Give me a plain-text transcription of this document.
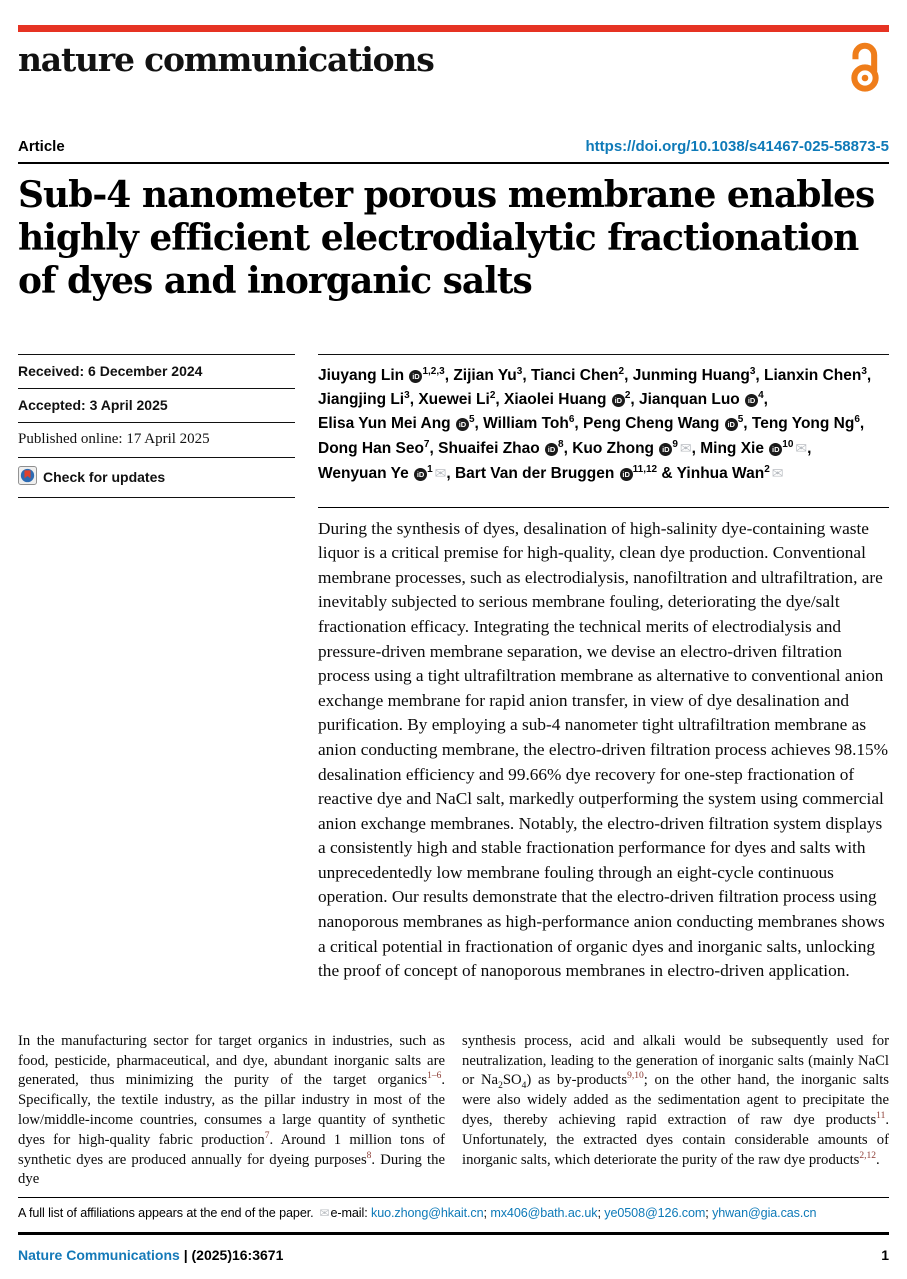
nature communications
Article	https://doi.org/10.1038/s41467-025-58873-5
Sub-4 nanometer porous membrane enables
highly efficient electrodialytic fractionation
of dyes and inorganic salts
Received: 6 December 2024
Accepted: 3 April 2025
Published online: 17 April 2025
Check for updates
Jiuyang Lin iD $^{1,2,3}$, Zijian Yu$^3$, Tianci Chen$^2$, Junming Huang$^3$, Lianxin Chen$^3$,
Jiangjing Li$^3$, Xuewei Li$^2$, Xiaolei Huang iD $^2$, Jianquan Luo iD $^4$,
Elisa Yun Mei Ang iD $^5$, William Toh$^6$, Peng Cheng Wang iD $^5$, Teng Yong Ng$^6$,
Dong Han Seo$^7$, Shuaifei Zhao iD $^8$, Kuo Zhong iD $^9$ ✉, Ming Xie iD $^{10}$ ✉,
Wenyuan Ye iD $^1$ ✉, Bart Van der Bruggen iD $^{11,12}$ & Yinhua Wan$^2$ ✉
During the synthesis of dyes, desalination of high-salinity dye-containing waste liquor is a critical premise for high-quality, clean dye production. Conventional membrane processes, such as electrodialysis, nanofiltration and ultrafiltration, are inevitably subjected to serious membrane fouling, deteriorating the dye/salt fractionation efficacy. Integrating the technical merits of electrodialysis and pressure-driven membrane separation, we devise an electro-driven filtration process using a tight ultrafiltration membrane as alternative to conventional anion exchange membrane for rapid anion transfer, in view of dye desalination and purification. By employing a sub-4 nanometer tight ultrafiltration membrane as anion conducting membrane, the electro-driven filtration process achieves 98.15% desalination efficiency and 99.66% dye recovery for one-step fractionation of reactive dye and NaCl salt, markedly outperforming the system using commercial anion exchange membranes. Notably, the electro-driven filtration system displays a consistently high and stable fractionation performance for dyes and salts with unprecedentedly low membrane fouling through an eight-cycle continuous operation. Our results demonstrate that the electro-driven filtration process using nanoporous membranes as high-performance anion conducting membranes shows a critical potential in fractionation of organic dyes and inorganic salts, unlocking the proof of concept of nanoporous membranes in electro-driven application.

In the manufacturing sector for target organics in industries, such as food, pesticide, pharmaceutical, and dye, abundant inorganic salts are generated, thus minimizing the purity of the target organics$^{1-6}$. Specifically, the textile industry, as the pillar industry in most of the low/middle-income countries, consumes a large quantity of synthetic dyes for high-quality fabric production$^7$. Around 1 million tons of synthetic dyes are produced annually for dyeing purposes$^8$. During the dye

synthesis process, acid and alkali would be subsequently used for neutralization, leading to the generation of inorganic salts (mainly NaCl or $Na_2SO_4$) as by-products$^{9,10}$; on the other hand, the inorganic salts were also widely added as the sedimentation agent to precipitate the dyes, thereby achieving rapid extraction of raw dye products$^{11}$. Unfortunately, the extracted dyes contain considerable amounts of inorganic salts, which deteriorate the purity of the raw dye products$^{2,12}$.

A full list of affiliations appears at the end of the paper. ✉e-mail: kuo.zhong@hkait.cn; mx406@bath.ac.uk; ye0508@126.com; yhwan@gia.cas.cn
Nature Communications | (2025)16:3671	1
